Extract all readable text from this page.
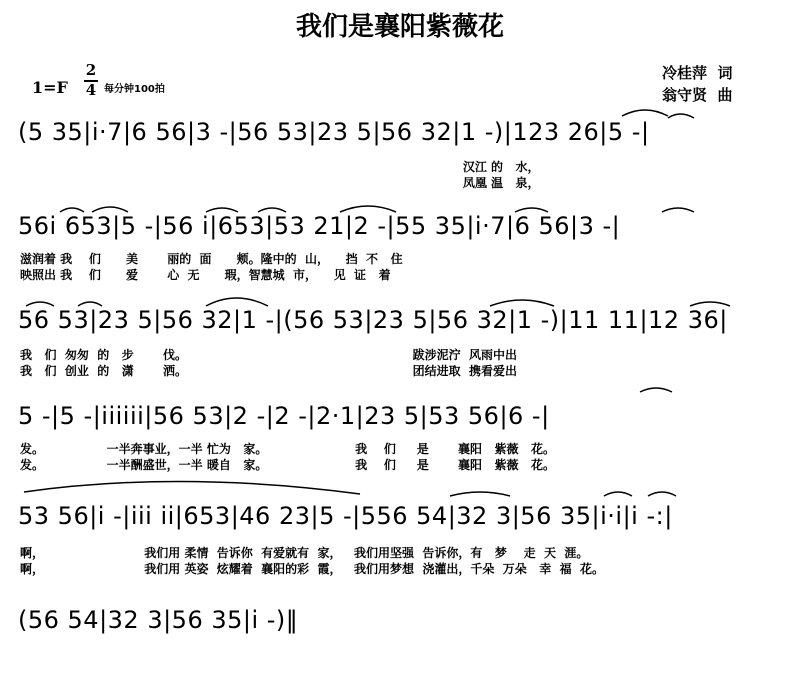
我们是襄阳紫薇花
1=F
2
4 每分钟100拍
冷桂萍  词
翁守贤  曲
(5 35|i·7|6 56|3 -|56 53|23 5|56 32|1 -)|123 26|5 -|
汉江 的   水，
凤凰 温   泉，
56i 653|5 -|56 i|653|53 21|2 -|55 35|i·7|6 56|3 -|
滋润着 我    们      美       丽的  面      颊。隆中的  山，    挡  不   住
映照出 我    们      爱       心  无      瑕，智慧城  市，    见  证   着
56 53|23 5|56 32|1 -|(56 53|23 5|56 32|1 -)|11 11|12 36|
我   们  匆匆  的   步       伐。                                                      跋涉泥泞  风雨中出
我   们  创业  的   潇       洒。                                                      团结进取  携看爱出
5 -|5 -|iiiiii|56 53|2 -|2 -|2·1|23 5|53 56|6 -|
发。               一半奔事业，一半 忙为   家。                     我    们     是       襄阳   紫薇   花。
发。               一半酬盛世，一半 暖自   家。                     我    们     是       襄阳   紫薇   花。
53 56|i -|iii ii|653|46 23|5 -|556 54|32 3|56 35|i·i|i -:|
啊，                        我们用 柔情  告诉你  有爱就有  家，   我们用坚强  告诉你，有   梦    走  天  涯。
啊，                        我们用 英姿  炫耀着  襄阳的彩  霞，   我们用梦想  浇灌出，千朵  万朵   幸  福  花。
(56 54|32 3|56 35|i -)‖
